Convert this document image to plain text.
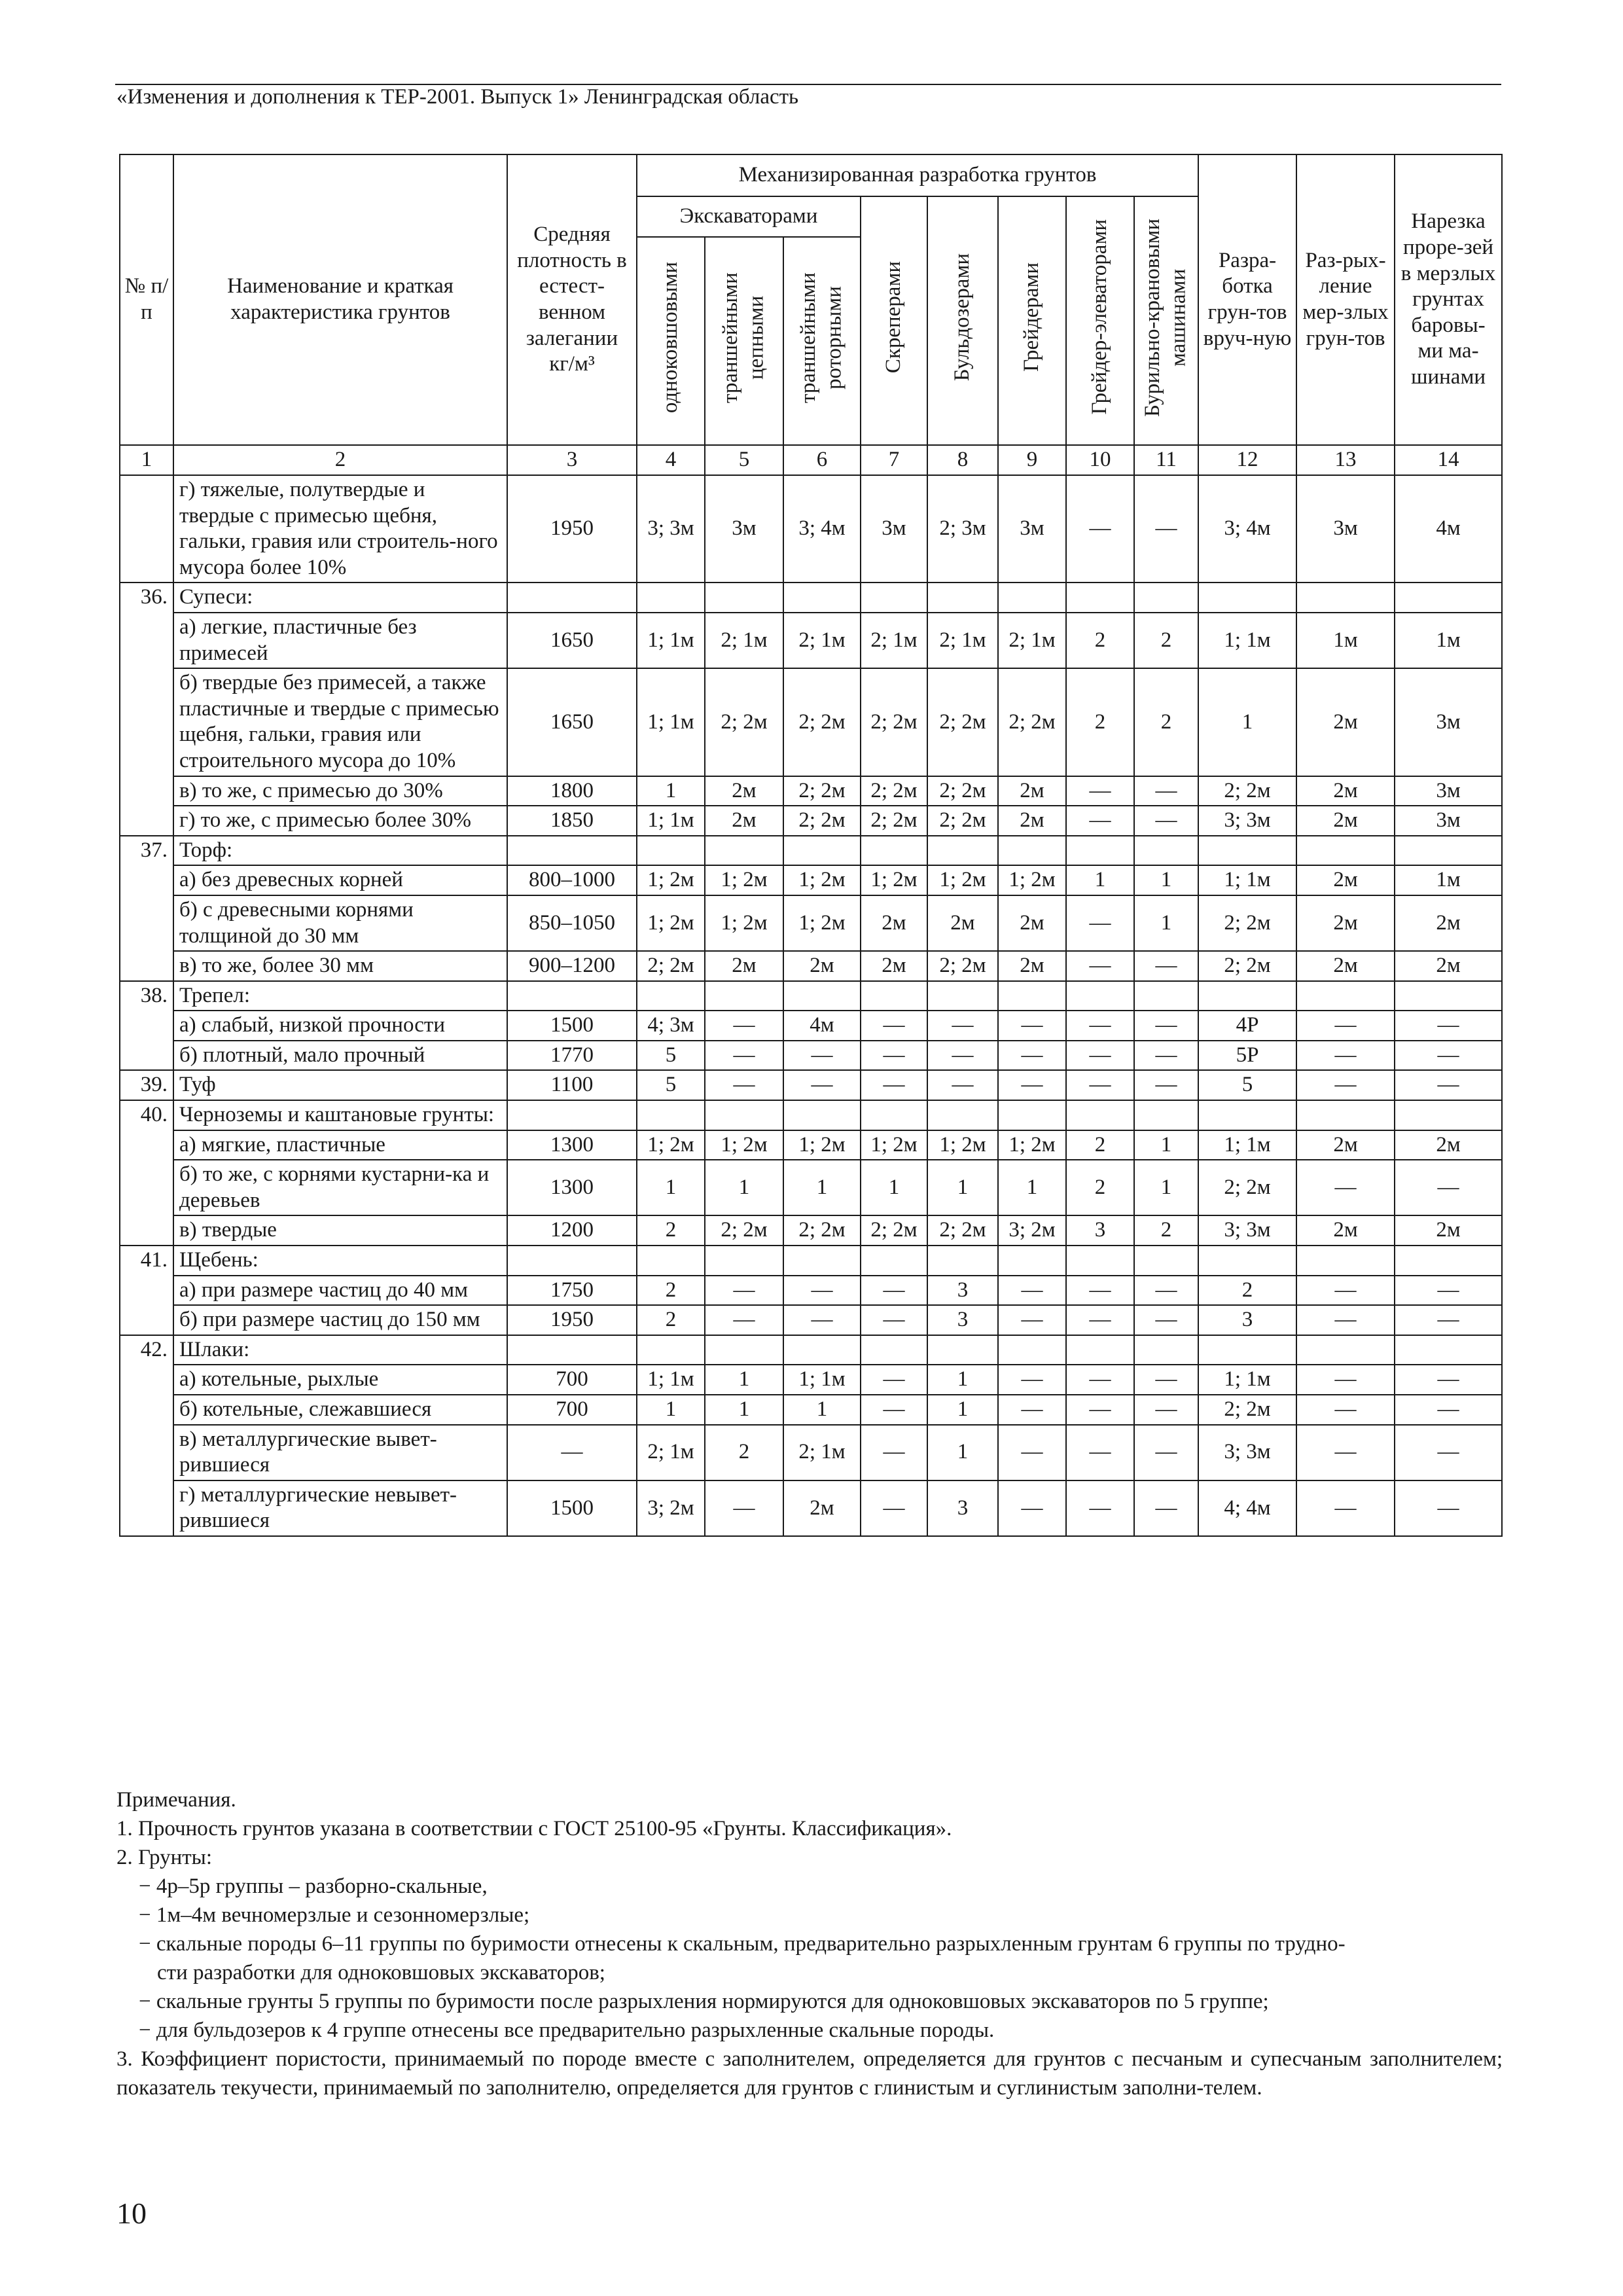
«Изменения и дополнения к ТЕР-2001. Выпуск 1» Ленинградская область
№ п/п	Наименование и краткая характеристика грунтов	Средняя плотность в естест-венном залегании кг/м³	Механизированная разработка грунтов								Разра-ботка грун-тов вруч-ную	Раз-рых-ление мер-злых грун-тов	Нарезка проре-зей в мерзлых грунтах баровы-ми ма-шинами
			Экскаваторами			Скреперами	Бульдозерами	Грейдерами	Грейдер-элеваторами	Бурильно-крановыми машинами			
			одноковшовыми	траншейными цепными	траншейными роторными								
1	2	3	4	5	6	7	8	9	10	11	12	13	14
	г) тяжелые, полутвердые и твердые с примесью щебня, гальки, гравия или строитель-ного мусора более 10%	1950	3; 3м	3м	3; 4м	3м	2; 3м	3м	—	—	3; 4м	3м	4м
36.	Супеси:												
	а) легкие, пластичные без примесей	1650	1; 1м	2; 1м	2; 1м	2; 1м	2; 1м	2; 1м	2	2	1; 1м	1м	1м
	б) твердые без примесей, а также пластичные и твердые с примесью щебня, гальки, гравия или строительного мусора до 10%	1650	1; 1м	2; 2м	2; 2м	2; 2м	2; 2м	2; 2м	2	2	1	2м	3м
	в) то же, с примесью до 30%	1800	1	2м	2; 2м	2; 2м	2; 2м	2м	—	—	2; 2м	2м	3м
	г) то же, с примесью более 30%	1850	1; 1м	2м	2; 2м	2; 2м	2; 2м	2м	—	—	3; 3м	2м	3м
37.	Торф:												
	а) без древесных корней	800–1000	1; 2м	1; 2м	1; 2м	1; 2м	1; 2м	1; 2м	1	1	1; 1м	2м	1м
	б) с древесными корнями толщиной до 30 мм	850–1050	1; 2м	1; 2м	1; 2м	2м	2м	2м	—	1	2; 2м	2м	2м
	в) то же, более 30 мм	900–1200	2; 2м	2м	2м	2м	2; 2м	2м	—	—	2; 2м	2м	2м
38.	Трепел:												
	а) слабый, низкой прочности	1500	4; 3м	—	4м	—	—	—	—	—	4Р	—	—
	б) плотный, мало прочный	1770	5	—	—	—	—	—	—	—	5Р	—	—
39.	Туф	1100	5	—	—	—	—	—	—	—	5	—	—
40.	Черноземы и каштановые грунты:												
	а) мягкие, пластичные	1300	1; 2м	1; 2м	1; 2м	1; 2м	1; 2м	1; 2м	2	1	1; 1м	2м	2м
	б) то же, с корнями кустарни-ка и деревьев	1300	1	1	1	1	1	1	2	1	2; 2м	—	—
	в) твердые	1200	2	2; 2м	2; 2м	2; 2м	2; 2м	3; 2м	3	2	3; 3м	2м	2м
41.	Щебень:												
	а) при размере частиц до 40 мм	1750	2	—	—	—	3	—	—	—	2	—	—
	б) при размере частиц до 150 мм	1950	2	—	—	—	3	—	—	—	3	—	—
42.	Шлаки:												
	а) котельные, рыхлые	700	1; 1м	1	1; 1м	—	1	—	—	—	1; 1м	—	—
	б) котельные, слежавшиеся	700	1	1	1	—	1	—	—	—	2; 2м	—	—
	в) металлургические вывет-рившиеся	—	2; 1м	2	2; 1м	—	1	—	—	—	3; 3м	—	—
	г) металлургические невывет-рившиеся	1500	3; 2м	—	2м	—	3	—	—	—	4; 4м	—	—

Примечания.

1. Прочность грунтов указана в соответствии с ГОСТ 25100-95 «Грунты. Классификация».

2. Грунты:

− 4р–5р группы – разборно-скальные,

− 1м–4м вечномерзлые и сезонномерзлые;

− скальные породы 6–11 группы по буримости отнесены к скальным, предварительно разрыхленным грунтам 6 группы по трудно-

сти разработки для одноковшовых экскаваторов;

− скальные грунты 5 группы по буримости после разрыхления нормируются для одноковшовых экскаваторов по 5 группе;

− для бульдозеров к 4 группе отнесены все предварительно разрыхленные скальные породы.

3. Коэффициент пористости, принимаемый по породе вместе с заполнителем, определяется для грунтов с песчаным и супесчаным заполнителем; показатель текучести, принимаемый по заполнителю, определяется для грунтов с глинистым и суглинистым заполни-телем.

10
